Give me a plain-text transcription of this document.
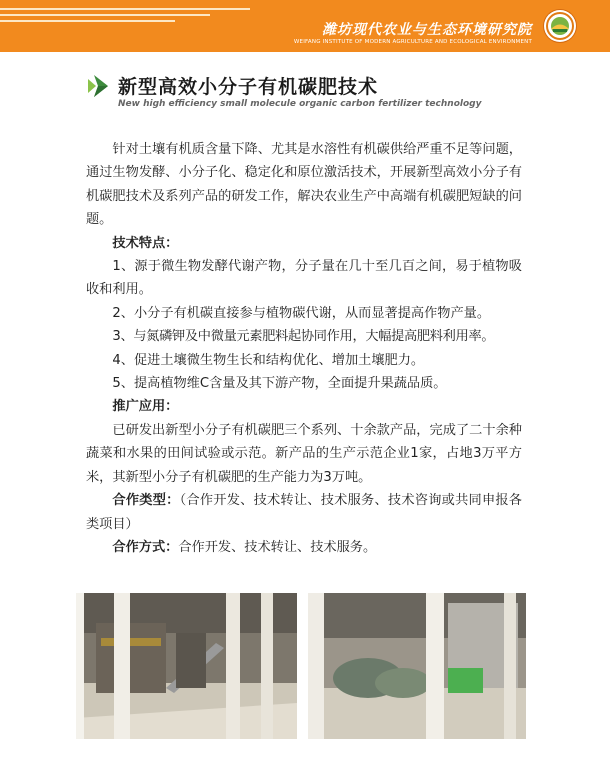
潍坊现代农业与生态环境研究院
WEIFANG INSTITUTE OF MODERN AGRICULTURE AND ECOLOGICAL ENVIRONMENT
新型高效小分子有机碳肥技术
New high efficiency small molecule organic carbon fertilizer technology

针对土壤有机质含量下降、尤其是水溶性有机碳供给严重不足等问题，通过生物发酵、小分子化、稳定化和原位激活技术，开展新型高效小分子有机碳肥技术及系列产品的研发工作，解决农业生产中高端有机碳肥短缺的问题。

技术特点：

1、源于微生物发酵代谢产物，分子量在几十至几百之间，易于植物吸收和利用。

2、小分子有机碳直接参与植物碳代谢，从而显著提高作物产量。

3、与氮磷钾及中微量元素肥料起协同作用，大幅提高肥料利用率。

4、促进土壤微生物生长和结构优化、增加土壤肥力。

5、提高植物维C含量及其下游产物，全面提升果蔬品质。

推广应用：

已研发出新型小分子有机碳肥三个系列、十余款产品，完成了二十余种蔬菜和水果的田间试验或示范。新产品的生产示范企业1家，占地3万平方米，其新型小分子有机碳肥的生产能力为3万吨。

合作类型：（合作开发、技术转让、技术服务、技术咨询或共同申报各类项目）

合作方式：合作开发、技术转让、技术服务。
